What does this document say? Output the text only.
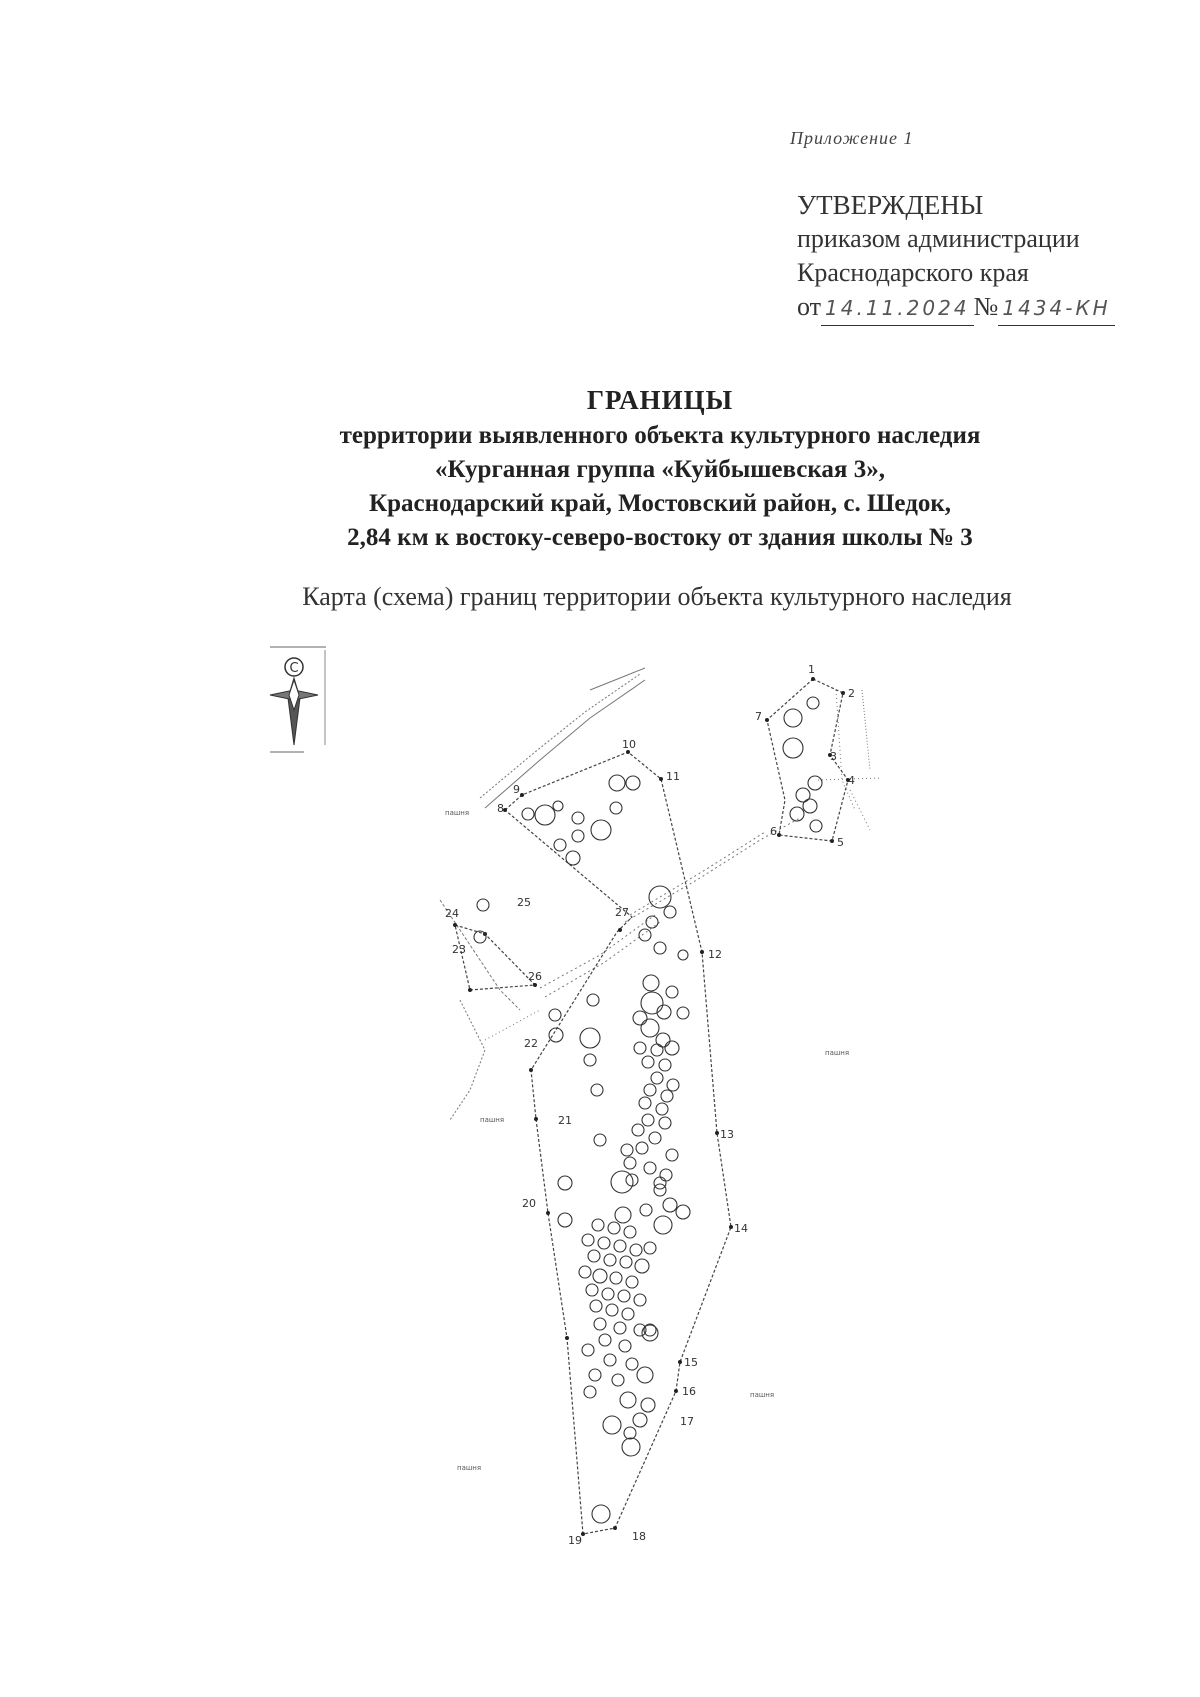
Приложение 1
УТВЕРЖДЕНЫ
приказом администрации
Краснодарского края
от 14.11.2024 № 1434-КН
ГРАНИЦЫ
территории выявленного объекта культурного наследия
«Курганная группа «Куйбышевская 3»,
Краснодарский край, Мостовский район, с. Шедок,
2,84 км к востоку-северо-востоку от здания школы № 3
Карта (схема) границ территории объекта культурного наследия
С	1
2
3
4
5
6
7
8
9
10
11
12
13
14
15
16
17
18
19
20
21
22
23
24
25
26
27
пашня
пашня
пашня
пашня
пашня
